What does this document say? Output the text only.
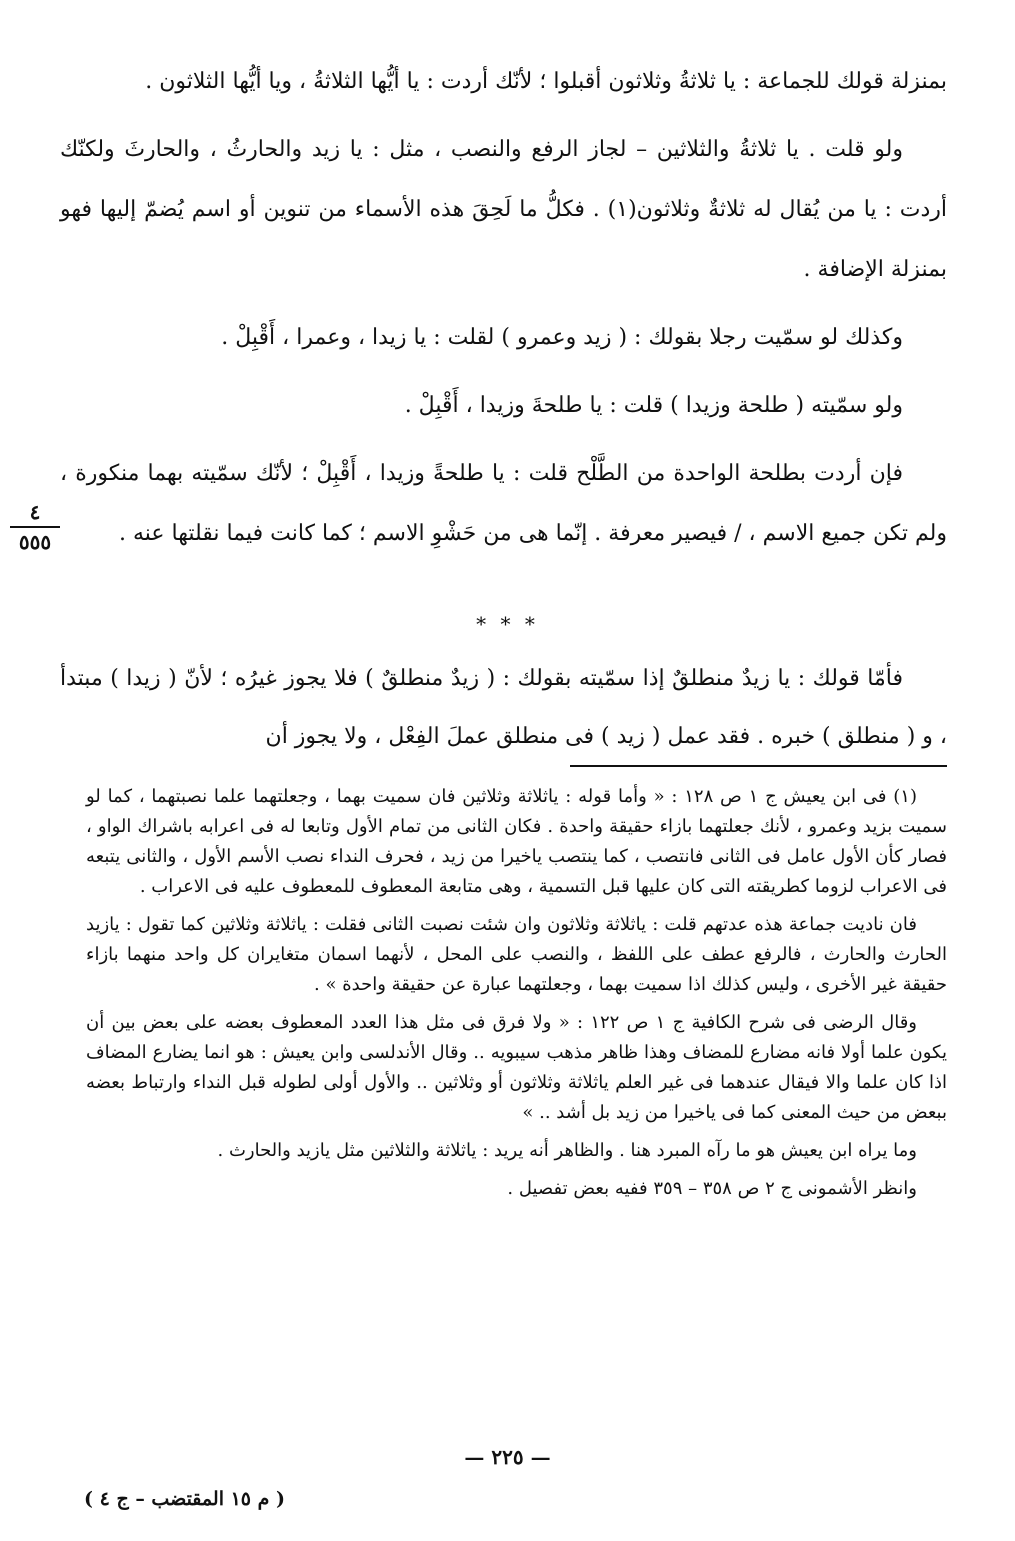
بمنزلة قولك للجماعة : يا ثلاثةُ وثلاثون أقبلوا ؛ لأنّك أردت : يا أيُّها الثلاثةُ ، ويا أيُّها الثلاثون .

ولو قلت . يا ثلاثةُ والثلاثين – لجاز الرفع والنصب ، مثل : يا زيد والحارثُ ، والحارثَ ولكنّك أردت : يا من يُقال له ثلاثةٌ وثلاثون(١) . فكلُّ ما لَحِقَ هذه الأسماء من تنوين أو اسم يُضمّ إليها فهو بمنزلة الإضافة .

وكذلك لو سمّيت رجلا بقولك : ( زيد وعمرو ) لقلت : يا زيدا ، وعمرا ، أَقْبِلْ .

ولو سمّيته ( طلحة وزيدا ) قلت : يا طلحةَ وزيدا ، أَقْبِلْ .

فإن أردت بطلحة الواحدة من الطَّلْح قلت : يا طلحةً وزيدا ، أَقْبِلْ ؛ لأنّك سمّيته بهما منكورة ، ولم تكن جميع الاسم ، / فيصير معرفة . إنّما هى من حَشْوِ الاسم ؛ كما كانت فيما نقلتها عنه .

٤
٥٥٥
* * *

فأمّا قولك : يا زيدٌ منطلقٌ إذا سمّيته بقولك : ( زيدٌ منطلقٌ ) فلا يجوز غيرُه ؛ لأنّ ( زيدا ) مبتدأ ، و ( منطلق ) خبره . فقد عمل ( زيد ) فى منطلق عملَ الفِعْل ، ولا يجوز أن

(١) فى ابن يعيش ج ١ ص ١٢٨ : « وأما قوله : ياثلاثة وثلاثين فان سميت بهما ، وجعلتهما علما نصبتهما ، كما لو سميت بزيد وعمرو ، لأنك جعلتهما بازاء حقيقة واحدة . فكان الثانى من تمام الأول وتابعا له فى اعرابه باشراك الواو ، فصار كأن الأول عامل فى الثانى فانتصب ، كما ينتصب ياخيرا من زيد ، فحرف النداء نصب الأسم الأول ، والثانى يتبعه فى الاعراب لزوما كطريقته التى كان عليها قبل التسمية ، وهى متابعة المعطوف للمعطوف عليه فى الاعراب .

فان ناديت جماعة هذه عدتهم قلت : ياثلاثة وثلاثون وان شئت نصبت الثانى فقلت : ياثلاثة وثلاثين كما تقول : يازيد الحارث والحارث ، فالرفع عطف على اللفظ ، والنصب على المحل ، لأنهما اسمان متغايران كل واحد منهما بازاء حقيقة غير الأخرى ، وليس كذلك اذا سميت بهما ، وجعلتهما عبارة عن حقيقة واحدة » .

وقال الرضى فى شرح الكافية ج ١ ص ١٢٢ : « ولا فرق فى مثل هذا العدد المعطوف بعضه على بعض بين أن يكون علما أولا فانه مضارع للمضاف وهذا ظاهر مذهب سيبويه .. وقال الأندلسى وابن يعيش : هو انما يضارع المضاف اذا كان علما والا فيقال عندهما فى غير العلم ياثلاثة وثلاثون أو وثلاثين .. والأول أولى لطوله قبل النداء وارتباط بعضه ببعض من حيث المعنى كما فى ياخيرا من زيد بل أشد .. »

وما يراه ابن يعيش هو ما رآه المبرد هنا . والظاهر أنه يريد : ياثلاثة والثلاثين مثل يازيد والحارث .

وانظر الأشمونى ج ٢ ص ٣٥٨ – ٣٥٩ ففيه بعض تفصيل .

— ٢٢٥ —
( م ١٥ المقتضب – ج ٤ )
